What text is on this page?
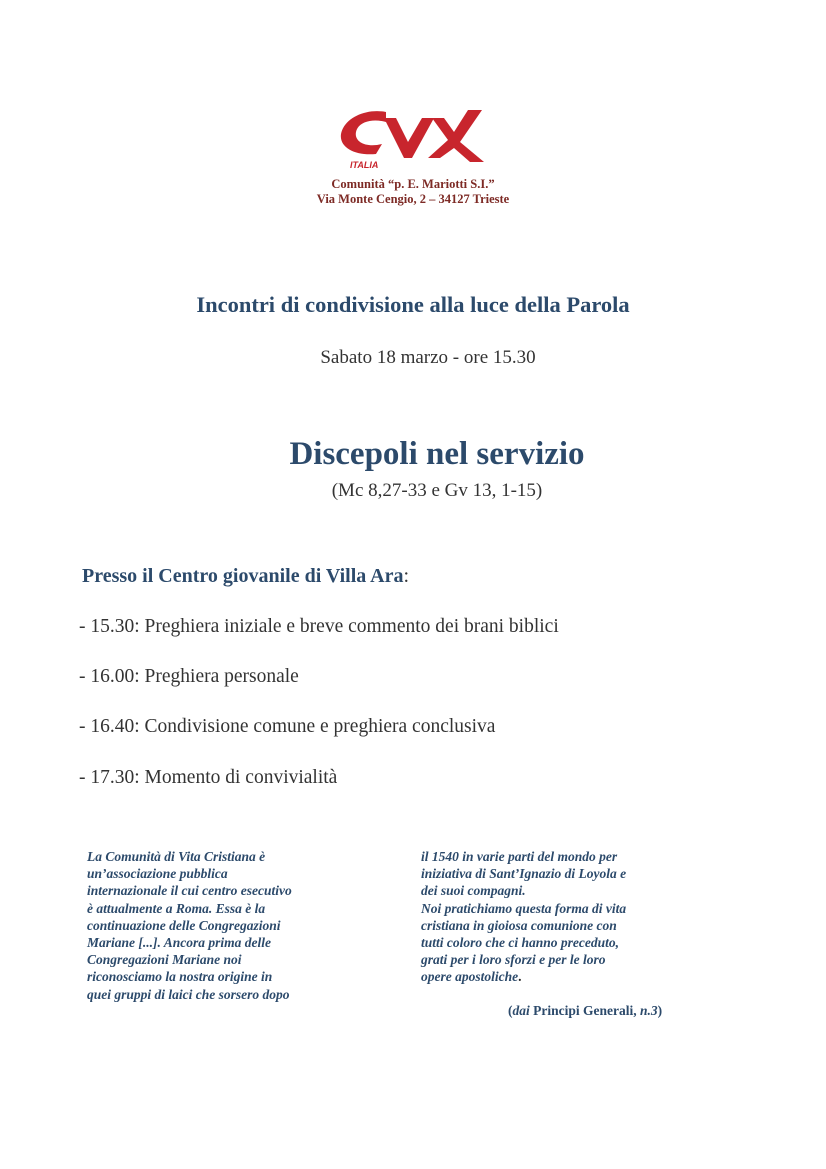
ITALIA
Comunità “p. E. Mariotti S.I.”
Via Monte Cengio, 2 – 34127 Trieste
Incontri di condivisione alla luce della Parola
Sabato 18 marzo - ore 15.30
Discepoli nel servizio
(Mc 8,27-33 e Gv 13, 1-15)
Presso il Centro giovanile di Villa Ara:
- 15.30: Preghiera iniziale e breve commento dei brani biblici
- 16.00: Preghiera personale
- 16.40: Condivisione comune e preghiera conclusiva
- 17.30: Momento di convivialità

La Comunità di Vita Cristiana è
un’associazione pubblica
internazionale il cui centro esecutivo
è attualmente a Roma. Essa è la
continuazione delle Congregazioni
Mariane [...]. Ancora prima delle
Congregazioni Mariane noi
riconosciamo la nostra origine in
quei gruppi di laici che sorsero dopo

il 1540 in varie parti del mondo per
iniziativa di Sant’Ignazio di Loyola e
dei suoi compagni.
Noi pratichiamo questa forma di vita
cristiana in gioiosa comunione con
tutti coloro che ci hanno preceduto,
grati per i loro sforzi e per le loro
opere apostoliche.

(dai Principi Generali, n.3)
